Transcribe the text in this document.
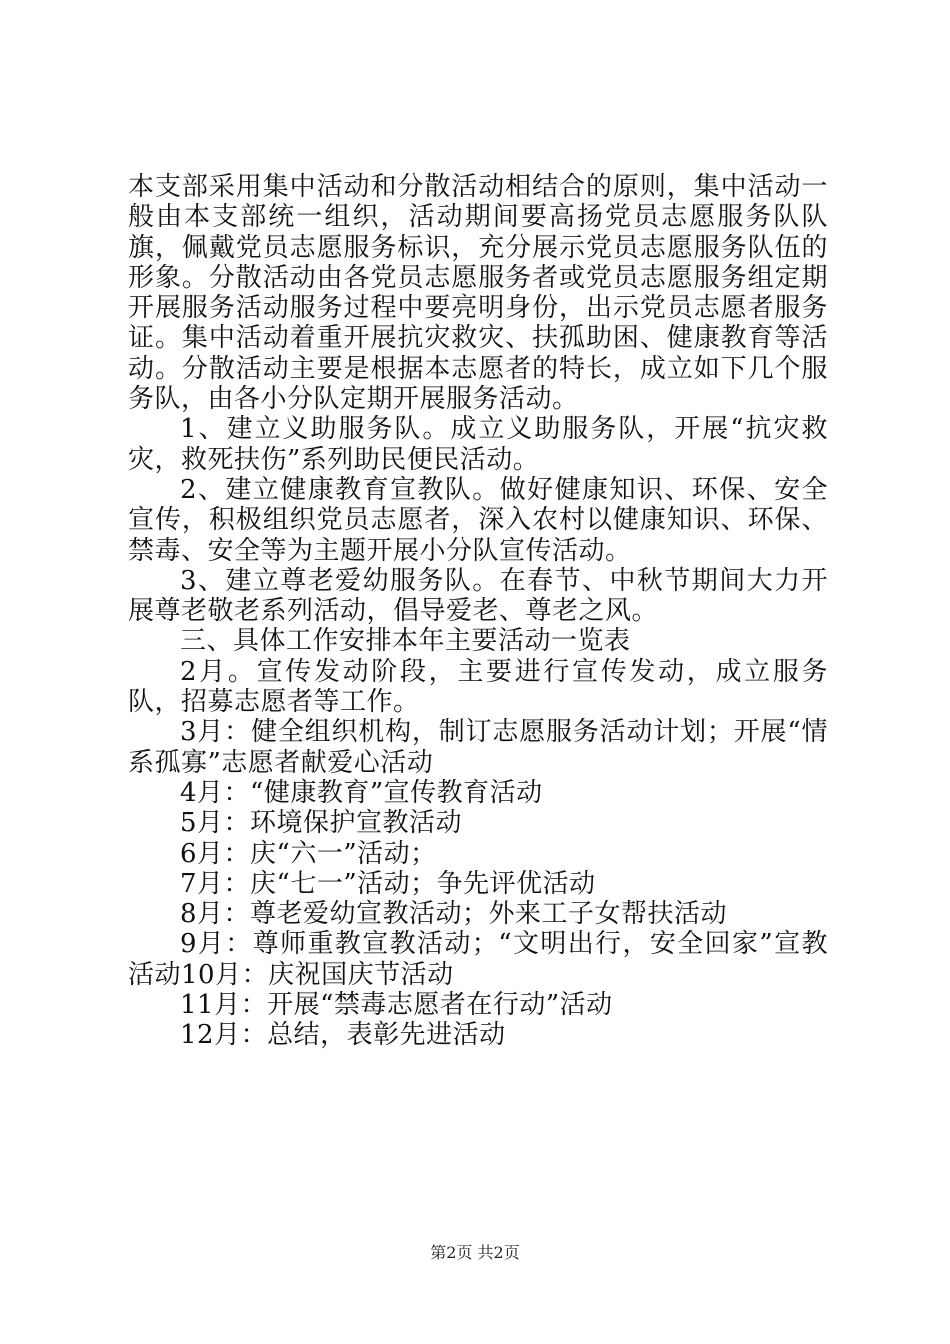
本支部采用集中活动和分散活动相结合的原则，集中活动一般由本支部统一组织，活动期间要高扬党员志愿服务队队旗，佩戴党员志愿服务标识，充分展示党员志愿服务队伍的形象。分散活动由各党员志愿服务者或党员志愿服务组定期开展服务活动服务过程中要亮明身份，出示党员志愿者服务证。集中活动着重开展抗灾救灾、扶孤助困、健康教育等活动。分散活动主要是根据本志愿者的特长，成立如下几个服务队，由各小分队定期开展服务活动。

1、建立义助服务队。成立义助服务队，开展“抗灾救灾，救死扶伤”系列助民便民活动。

2、建立健康教育宣教队。做好健康知识、环保、安全宣传，积极组织党员志愿者，深入农村以健康知识、环保、禁毒、安全等为主题开展小分队宣传活动。

3、建立尊老爱幼服务队。在春节、中秋节期间大力开展尊老敬老系列活动，倡导爱老、尊老之风。

三、具体工作安排本年主要活动一览表

2月。宣传发动阶段，主要进行宣传发动，成立服务队，招募志愿者等工作。

3月：健全组织机构，制订志愿服务活动计划；开展“情系孤寡”志愿者献爱心活动

4月：“健康教育”宣传教育活动

5月：环境保护宣教活动

6月：庆“六一”活动；

7月：庆“七一”活动；争先评优活动

8月：尊老爱幼宣教活动；外来工子女帮扶活动

9月：尊师重教宣教活动；“文明出行，安全回家”宣教活动10月：庆祝国庆节活动

11月：开展“禁毒志愿者在行动”活动

12月：总结，表彰先进活动

第2页 共2页
